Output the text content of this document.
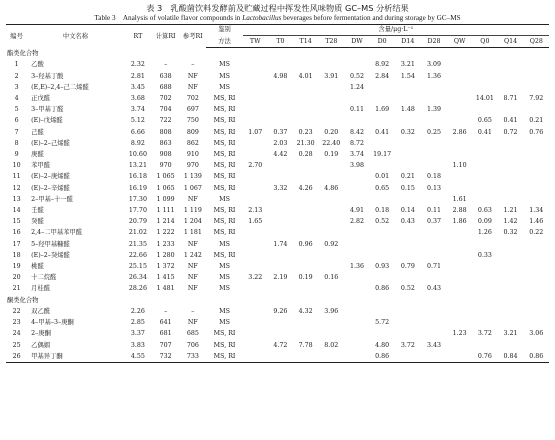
表 3　乳酸菌饮料发酵前及贮藏过程中挥发性风味物质 GC–MS 分析结果
Table 3　Analysis of volatile flavor compounds in Lactobacillus beverages before fermentation and during storage by GC–MS
编号	中文名称	RT	计算RI	参考RI	鉴别	含量/μg·L⁻¹											
					方法	TW	T0	T14	T28	DW	D0	D14	D28	QW	Q0	Q14	Q28
酯类化合物																	
1	乙酸	2.32	–	–	MS						8.92	3.21	3.09				
2	3–羟基丁酸	2.81	638	NF	MS		4.98	4.01	3.91	0.52	2.84	1.54	1.36				
3	(E,E)–2,4–己二烯醛	3.45	688	NF	MS					1.24							
4	正戊醛	3.68	702	702	MS, RI										14.01	8.71	7.92
5	3–甲基丁醛	3.74	704	697	MS, RI					0.11	1.69	1.48	1.39				
6	(E)–戊烯醛	5.12	722	750	MS, RI										0.65	0.41	0.21
7	己醛	6.66	808	809	MS, RI	1.07	0.37	0.23	0.20	8.42	0.41	0.32	0.25	2.86	0.41	0.72	0.76
8	(E)–2–己烯醛	8.92	863	862	MS, RI		2.03	21.30	22.40	8.72							
9	庚醛	10.60	908	910	MS, RI		4.42	0.28	0.19	3.74	19.17						
10	苯甲醛	13.21	970	970	MS, RI	2.70				3.98				1.10			
11	(E)–2–庚烯醛	16.18	1 065	1 139	MS, RI						0.01	0.21	0.18				
12	(E)–2–辛烯醛	16.19	1 065	1 067	MS, RI		3.32	4.26	4.86		0.65	0.15	0.13				
13	2–甲基–十一醛	17.30	1 099	NF	MS									1.61			
14	壬醛	17.70	1 111	1 119	MS, RI	2.13				4.91	0.18	0.14	0.11	2.88	0.63	1.21	1.34
15	癸醛	20.79	1 214	1 204	MS, RI	1.65				2.82	0.52	0.43	0.37	1.86	0.09	1.42	1.46
16	2,4–二甲基苯甲醛	21.02	1 222	1 181	MS, RI										1.26	0.32	0.22
17	5–羟甲基糠醛	21.35	1 233	NF	MS		1.74	0.96	0.92								
18	(E)–2–癸烯醛	22.66	1 280	1 242	MS, RI										0.33		
19	桃醛	25.15	1 372	NF	MS					1.36	0.93	0.79	0.71				
20	十二烷醛	26.34	1 415	NF	MS	3.22	2.19	0.19	0.16								
21	月桂醛	28.26	1 481	NF	MS						0.86	0.52	0.43				
酮类化合物																	
22	双乙酰	2.26	–	–	MS		9.26	4.32	3.96								
23	4–甲基–3–庚酮	2.85	641	NF	MS						5.72						
24	2–庚酮	3.37	681	685	MS, RI									1.23	3.72	3.21	3.06
25	乙偶姻	3.83	707	706	MS, RI		4.72	7.78	8.02		4.80	3.72	3.43				
26	甲基异丁酮	4.55	732	733	MS, RI						0.86				0.76	0.84	0.86
